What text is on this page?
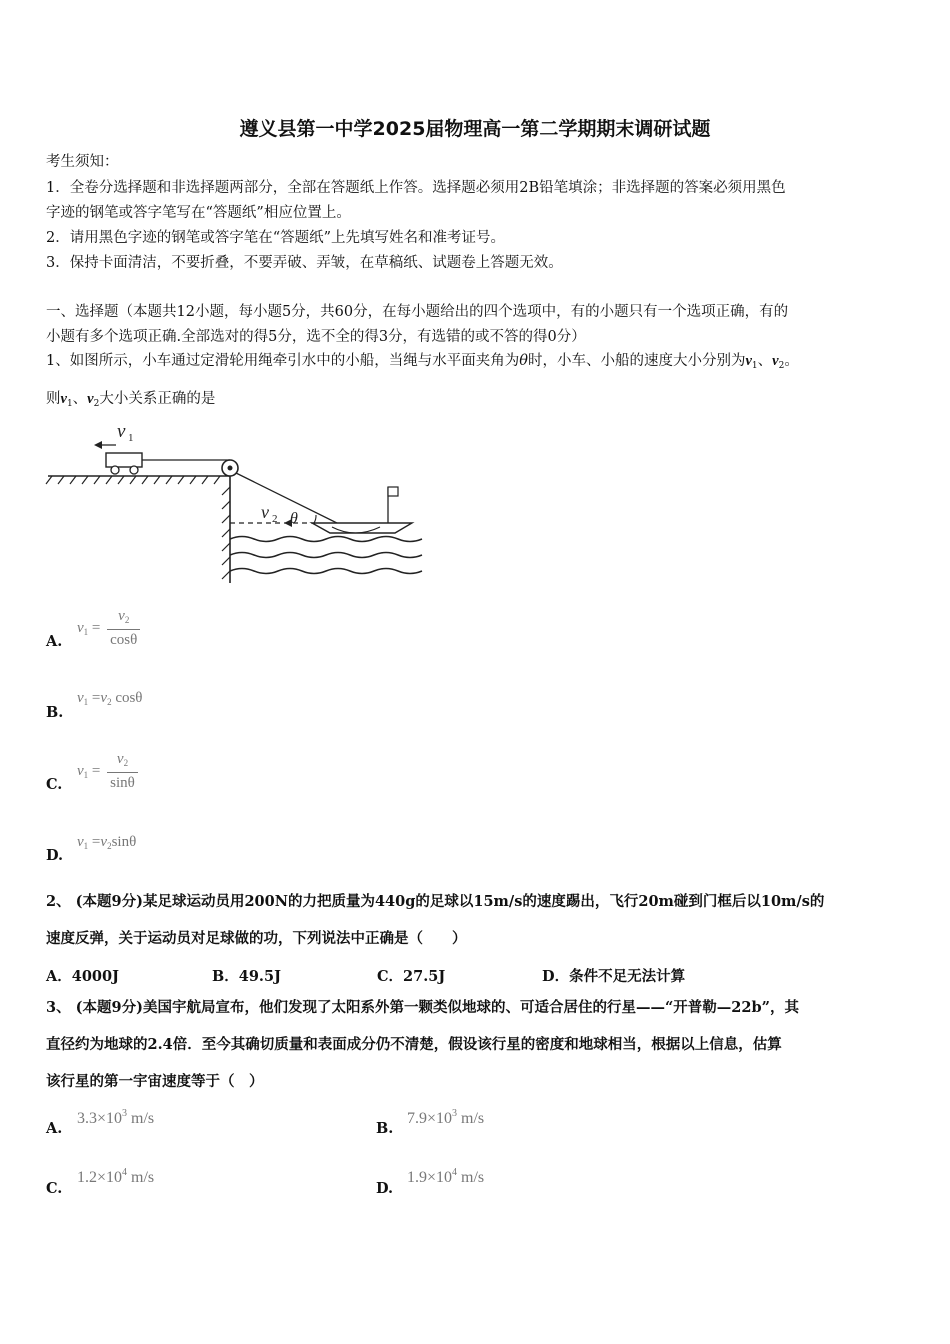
遵义县第一中学2025届物理高一第二学期期末调研试题
考生须知：
1．全卷分选择题和非选择题两部分，全部在答题纸上作答。选择题必须用2B铅笔填涂；非选择题的答案必须用黑色
字迹的钢笔或答字笔写在“答题纸”相应位置上。
2．请用黑色字迹的钢笔或答字笔在“答题纸”上先填写姓名和准考证号。
3．保持卡面清洁，不要折叠，不要弄破、弄皱，在草稿纸、试题卷上答题无效。
一、选择题（本题共12小题，每小题5分，共60分，在每小题给出的四个选项中，有的小题只有一个选项正确，有的
小题有多个选项正确.全部选对的得5分，选不全的得3分，有选错的或不答的得0分）
1、如图所示，小车通过定滑轮用绳牵引水中的小船，当绳与水平面夹角为θ时，小车、小船的速度大小分别为$v_1$、$v_2$。
则$v_1$、$v_2$大小关系正确的是
v 1
v 2 θ
A.
$v_1 = \frac{v_2}{\cos\theta}$
B.
$v_1 =v_2$ cosθ
C.
$v_1 = \frac{v_2}{\sin\theta}$
D.
$v_1 =v_2\sin\theta$
2、 (本题9分)某足球运动员用200N的力把质量为440g的足球以15m/s的速度踢出，飞行20m碰到门框后以10m/s的
速度反弹，关于运动员对足球做的功，下列说法中正确是（　　）
A．4000J	B．49.5J	C．27.5J	D．条件不足无法计算
3、 (本题9分)美国宇航局宣布，他们发现了太阳系外第一颗类似地球的、可适合居住的行星——“开普勒—22b”，其
直径约为地球的2.4倍．至今其确切质量和表面成分仍不清楚，假设该行星的密度和地球相当，根据以上信息，估算
该行星的第一宇宙速度等于（　）
A.
$3.3\times 10^3$ m/s
B.
$7.9\times 10^3$ m/s
C.
$1.2\times 10^4$ m/s
D.
$1.9\times 10^4$ m/s
